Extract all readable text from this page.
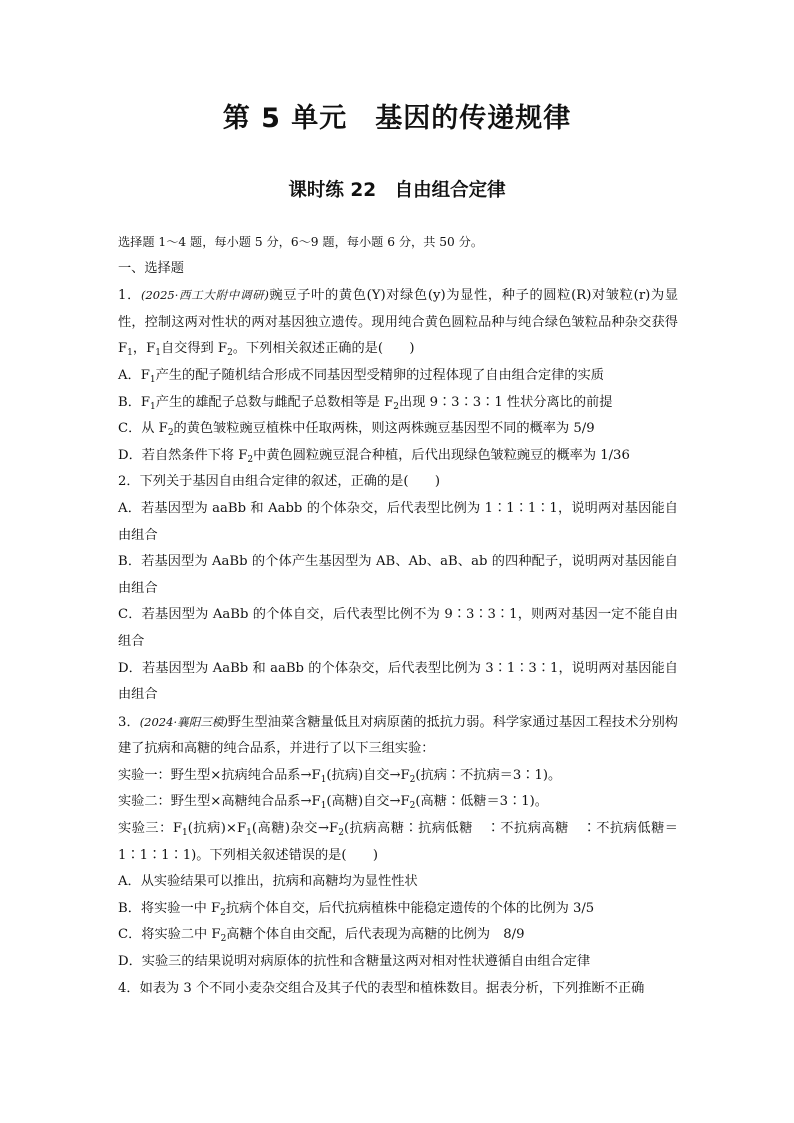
第 5 单元　基因的传递规律
课时练 22　自由组合定律

选择题 1～4 题，每小题 5 分，6～9 题，每小题 6 分，共 50 分。

一、选择题

1．(2025·西工大附中调研)豌豆子叶的黄色(Y)对绿色(y)为显性，种子的圆粒(R)对皱粒(r)为显性，控制这两对性状的两对基因独立遗传。现用纯合黄色圆粒品种与纯合绿色皱粒品种杂交获得 $F_1$，$F_1$自交得到 $F_2$。下列相关叙述正确的是(　　)

A．$F_1$产生的配子随机结合形成不同基因型受精卵的过程体现了自由组合定律的实质

B．$F_1$产生的雄配子总数与雌配子总数相等是 $F_2$出现 9∶3∶3∶1 性状分离比的前提

C．从 $F_2$的黄色皱粒豌豆植株中任取两株，则这两株豌豆基因型不同的概率为 5/9

D．若自然条件下将 $F_2$中黄色圆粒豌豆混合种植，后代出现绿色皱粒豌豆的概率为 1/36

2．下列关于基因自由组合定律的叙述，正确的是(　　)

A．若基因型为 aaBb 和 Aabb 的个体杂交，后代表型比例为 1∶1∶1∶1，说明两对基因能自由组合

B．若基因型为 AaBb 的个体产生基因型为 AB、Ab、aB、ab 的四种配子，说明两对基因能自由组合

C．若基因型为 AaBb 的个体自交，后代表型比例不为 9∶3∶3∶1，则两对基因一定不能自由组合

D．若基因型为 AaBb 和 aaBb 的个体杂交，后代表型比例为 3∶1∶3∶1，说明两对基因能自由组合

3．(2024·襄阳三模)野生型油菜含糖量低且对病原菌的抵抗力弱。科学家通过基因工程技术分别构建了抗病和高糖的纯合品系，并进行了以下三组实验：

实验一：野生型×抗病纯合品系$\to F_1$(抗病)自交$\to F_2$(抗病∶不抗病＝3∶1)。

实验二：野生型×高糖纯合品系$\to F_1$(高糖)自交$\to F_2$(高糖∶低糖＝3∶1)。

实验三：$F_1$(抗病)$\times F_1$(高糖)杂交$\to F_2$(抗病高糖∶抗病低糖　∶不抗病高糖　∶不抗病低糖＝1∶1∶1∶1)。下列相关叙述错误的是(　　)

A．从实验结果可以推出，抗病和高糖均为显性性状

B．将实验一中 $F_2$抗病个体自交，后代抗病植株中能稳定遗传的个体的比例为 3/5

C．将实验二中 $F_2$高糖个体自由交配，后代表现为高糖的比例为　8/9

D．实验三的结果说明对病原体的抗性和含糖量这两对相对性状遵循自由组合定律

4．如表为 3 个不同小麦杂交组合及其子代的表型和植株数目。据表分析，下列推断不正确
